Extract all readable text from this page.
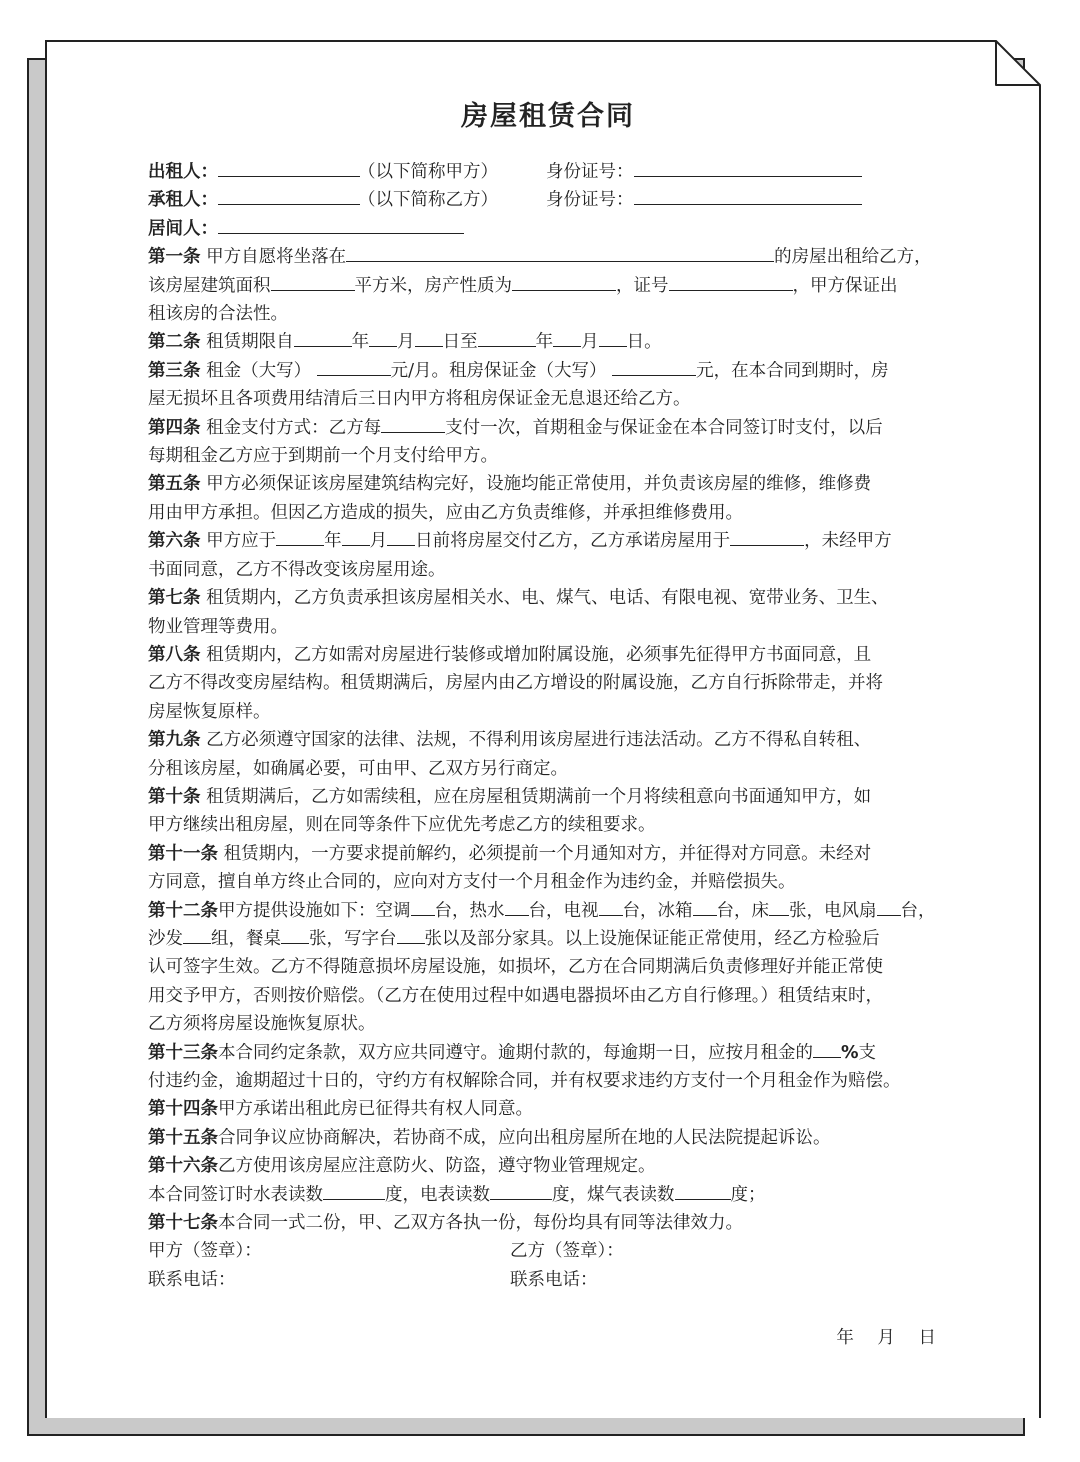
房屋租赁合同
出租人：	（以下简称甲方）	身份证号：
承租人：	（以下简称乙方）	身份证号：
居间人：
第一条 甲方自愿将坐落在	的房屋出租给乙方，
该房屋建筑面积	平方米，房产性质为	，证号	，甲方保证出
租该房的合法性。
第二条 租赁期限自	年 月 日至	年 月 日。
第三条 租金（大写）	元/月。租房保证金（大写）	元，在本合同到期时，房
屋无损坏且各项费用结清后三日内甲方将租房保证金无息退还给乙方。
第四条 租金支付方式：乙方每	支付一次，首期租金与保证金在本合同签订时支付，以后
每期租金乙方应于到期前一个月支付给甲方。
第五条 甲方必须保证该房屋建筑结构完好，设施均能正常使用，并负责该房屋的维修，维修费
用由甲方承担。但因乙方造成的损失，应由乙方负责维修，并承担维修费用。
第六条 甲方应于	年 月 日前将房屋交付乙方，乙方承诺房屋用于	，未经甲方
书面同意，乙方不得改变该房屋用途。
第七条 租赁期内，乙方负责承担该房屋相关水、电、煤气、电话、有限电视、宽带业务、卫生、
物业管理等费用。
第八条 租赁期内，乙方如需对房屋进行装修或增加附属设施，必须事先征得甲方书面同意，且
乙方不得改变房屋结构。租赁期满后，房屋内由乙方增设的附属设施，乙方自行拆除带走，并将
房屋恢复原样。
第九条 乙方必须遵守国家的法律、法规，不得利用该房屋进行违法活动。乙方不得私自转租、
分租该房屋，如确属必要，可由甲、乙双方另行商定。
第十条 租赁期满后，乙方如需续租，应在房屋租赁期满前一个月将续租意向书面通知甲方，如
甲方继续出租房屋，则在同等条件下应优先考虑乙方的续租要求。
第十一条 租赁期内，一方要求提前解约，必须提前一个月通知对方，并征得对方同意。未经对
方同意，擅自单方终止合同的，应向对方支付一个月租金作为违约金，并赔偿损失。
第十二条甲方提供设施如下：空调 台，热水 台，电视 台，冰箱 台，床 张，电风扇 台，
沙发 组，餐桌 张，写字台 张以及部分家具。以上设施保证能正常使用，经乙方检验后
认可签字生效。乙方不得随意损坏房屋设施，如损坏，乙方在合同期满后负责修理好并能正常使
用交予甲方，否则按价赔偿。（乙方在使用过程中如遇电器损坏由乙方自行修理。）租赁结束时，
乙方须将房屋设施恢复原状。
第十三条本合同约定条款，双方应共同遵守。逾期付款的，每逾期一日，应按月租金的 %支
付违约金，逾期超过十日的，守约方有权解除合同，并有权要求违约方支付一个月租金作为赔偿。
第十四条甲方承诺出租此房已征得共有权人同意。
第十五条合同争议应协商解决，若协商不成，应向出租房屋所在地的人民法院提起诉讼。
第十六条乙方使用该房屋应注意防火、防盗，遵守物业管理规定。
本合同签订时水表读数	度，电表读数	度，煤气表读数	度；
第十七条本合同一式二份，甲、乙双方各执一份，每份均具有同等法律效力。
甲方（签章）：	乙方（签章）：
联系电话：	联系电话：
年 月 日
